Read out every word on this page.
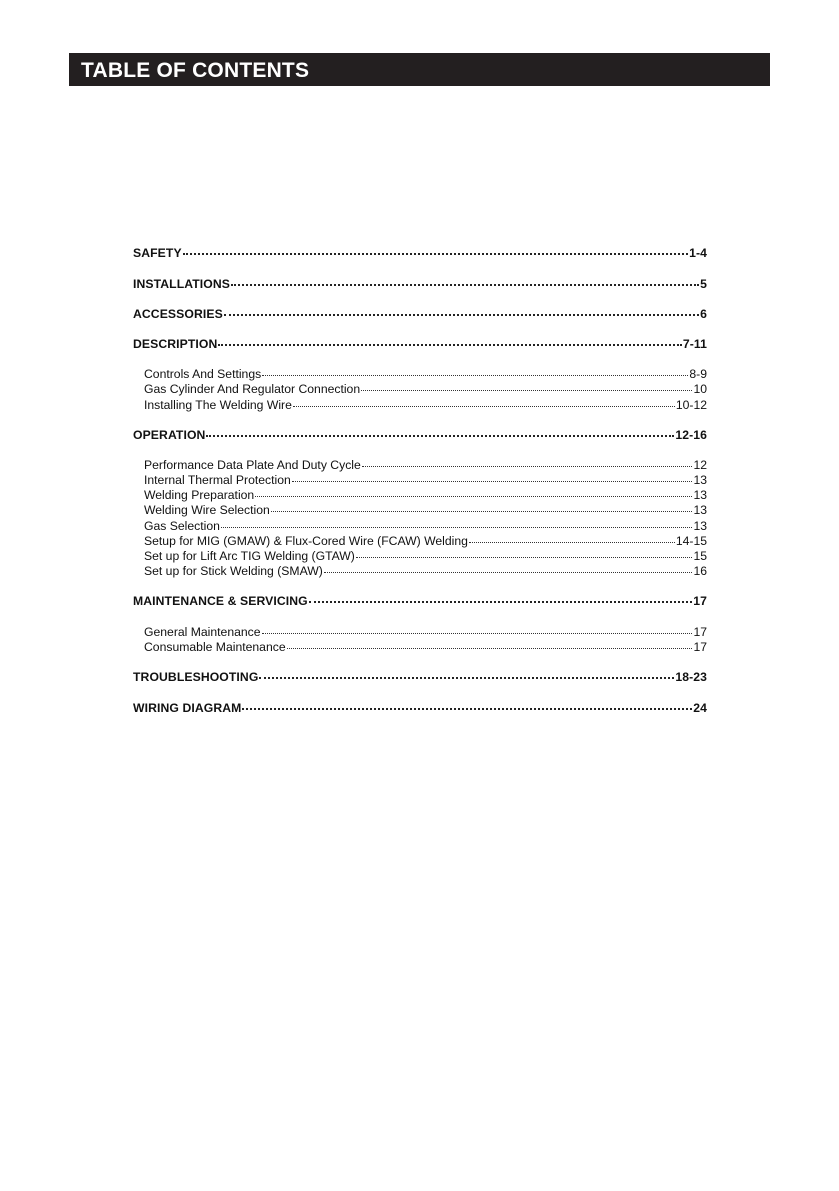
TABLE OF CONTENTS
SAFETY	1-4
INSTALLATIONS	5
ACCESSORIES	6
DESCRIPTION	7-11
Controls And Settings	8-9
Gas Cylinder And Regulator Connection	10
Installing The Welding Wire	10-12
OPERATION	12-16
Performance Data Plate And Duty Cycle	12
Internal Thermal Protection	13
Welding Preparation	13
Welding Wire Selection	13
Gas Selection	13
Setup for MIG (GMAW) & Flux-Cored Wire (FCAW) Welding	14-15
Set up for Lift Arc TIG Welding (GTAW)	15
Set up for Stick Welding (SMAW)	16
MAINTENANCE & SERVICING	17
General Maintenance	17
Consumable Maintenance	17
TROUBLESHOOTING	18-23
WIRING DIAGRAM	24
